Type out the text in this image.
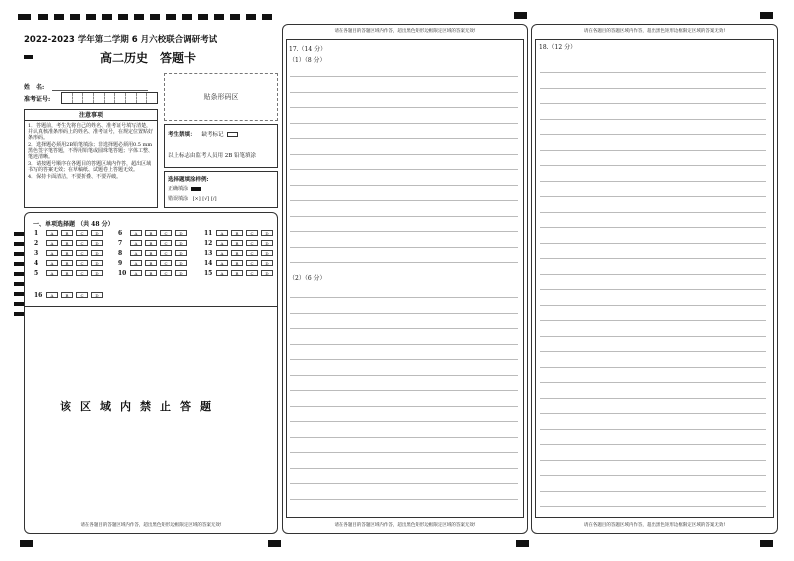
2022-2023 学年第二学期 6 月六校联合调研考试
高二历史　答题卡
姓　名:
准考证号:	贴条形码区
注意事项
1．答题前，考生先将自己的姓名、准考证号填写清楚，并认真核准条形码上的姓名、准考证号，在规定位置贴好条形码。
2．选择题必须用2B铅笔填涂；非选择题必须用0.5 mm 黑色签字笔答题，不得用铅笔或圆珠笔答题；字体工整、笔迹清晰。
3．请按题号顺序在各题目的答题区域内作答，超出区域书写的答案无效；在草稿纸、试题卷上答题无效。
4．保持卡面清洁，不要折叠、不要弄破。
考生禁填： 缺考标记
以上标志由监考人员用 2B 铅笔填涂
选择题填涂样例:
正确填涂
错误填涂 [×] [√] [/]
一、单项选择题 （共 48 分）
1	A	B	C	D
2	A	B	C	D
3	A	B	C	D
4	A	B	C	D
5	A	B	C	D
6	A	B	C	D
7	A	B	C	D
8	A	B	C	D
9	A	B	C	D
10	A	B	C	D
11	A	B	C	D
12	A	B	C	D
13	A	B	C	D
14	A	B	C	D
15	A	B	C	D
16	A	B	C	D
该区域内禁止答题
请在各题目的答题区域内作答，超出黑色矩形边框限定区域的答案无效!
请在各题目的答题区域内作答，超出黑色矩形边框限定区域的答案无效!
17.（14 分）
（1）（8 分）
（2）（6 分）
请在各题目的答题区域内作答，超出黑色矩形边框限定区域的答案无效!
请在各题目的答题区域内作答，超出黑色矩形边框限定区域的答案无效!
18.（12 分）
请在各题目的答题区域内作答，超出黑色矩形边框限定区域的答案无效!
